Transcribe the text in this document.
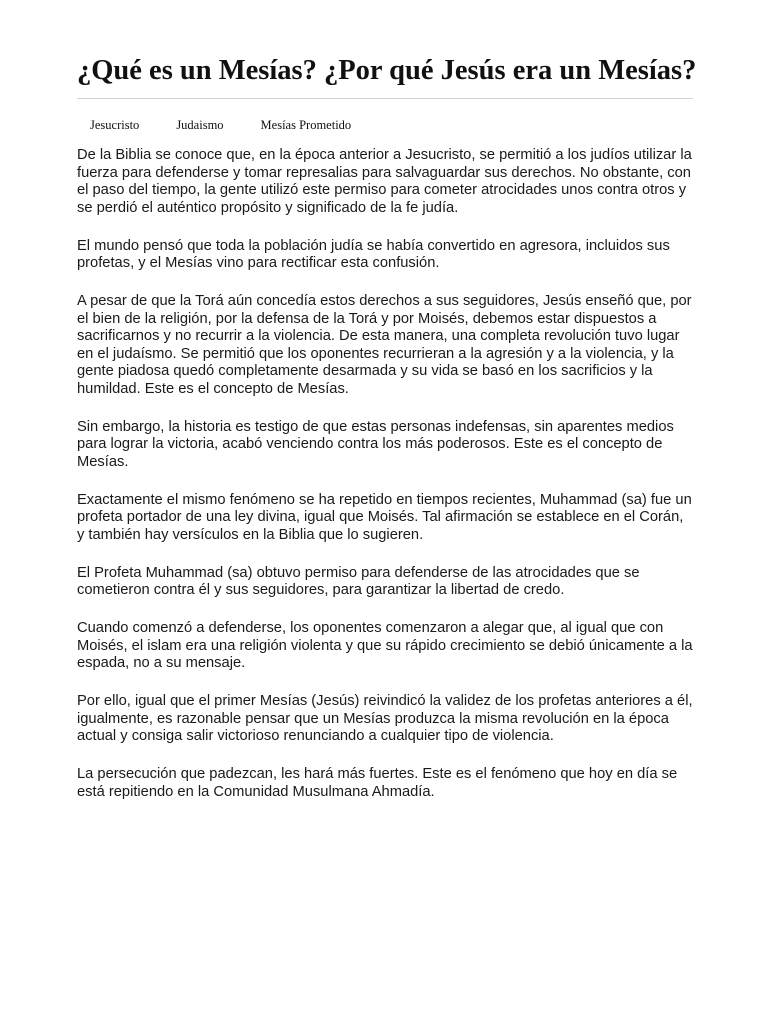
¿Qué es un Mesías? ¿Por qué Jesús era un Mesías?
Jesucristo	Judaismo	Mesías Prometido

De la Biblia se conoce que, en la época anterior a Jesucristo, se permitió a los judíos utilizar la fuerza para defenderse y tomar represalias para salvaguardar sus derechos. No obstante, con el paso del tiempo, la gente utilizó este permiso para cometer atrocidades unos contra otros y se perdió el auténtico propósito y significado de la fe judía.

El mundo pensó que toda la población judía se había convertido en agresora, incluidos sus profetas, y el Mesías vino para rectificar esta confusión.

A pesar de que la Torá aún concedía estos derechos a sus seguidores, Jesús enseñó que, por el bien de la religión, por la defensa de la Torá y por Moisés, debemos estar dispuestos a sacrificarnos y no recurrir a la violencia. De esta manera, una completa revolución tuvo lugar en el judaísmo. Se permitió que los oponentes recurrieran a la agresión y a la violencia, y la gente piadosa quedó completamente desarmada y su vida se basó en los sacrificios y la humildad. Este es el concepto de Mesías.

Sin embargo, la historia es testigo de que estas personas indefensas, sin aparentes medios para lograr la victoria, acabó venciendo contra los más poderosos. Este es el concepto de Mesías.

Exactamente el mismo fenómeno se ha repetido en tiempos recientes, Muhammad (sa) fue un profeta portador de una ley divina, igual que Moisés. Tal afirmación se establece en el Corán, y también hay versículos en la Biblia que lo sugieren.

El Profeta Muhammad (sa) obtuvo permiso para defenderse de las atrocidades que se cometieron contra él y sus seguidores, para garantizar la libertad de credo.

Cuando comenzó a defenderse, los oponentes comenzaron a alegar que, al igual que con Moisés, el islam era una religión violenta y que su rápido crecimiento se debió únicamente a la espada, no a su mensaje.

Por ello, igual que el primer Mesías (Jesús) reivindicó la validez de los profetas anteriores a él, igualmente, es razonable pensar que un Mesías produzca la misma revolución en la época actual y consiga salir victorioso renunciando a cualquier tipo de violencia.

La persecución que padezcan, les hará más fuertes. Este es el fenómeno que hoy en día se está repitiendo en la Comunidad Musulmana Ahmadía.
